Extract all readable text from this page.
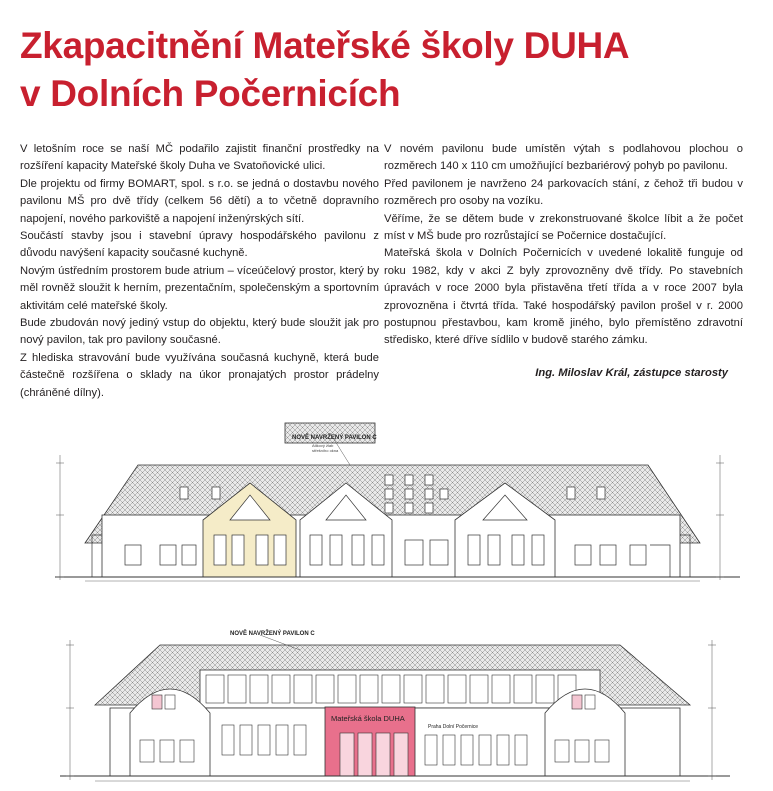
Zkapacitnění Mateřské školy DUHA
v Dolních Počernicích

V letošním roce se naší MČ podařilo zajistit finanční prostředky na rozšíření kapacity Mateřské školy Duha ve Svatoňovické ulici.

Dle projektu od firmy BOMART, spol. s r.o. se jedná o dostavbu nového pavilonu MŠ pro dvě třídy (celkem 56 dětí) a to včetně dopravního napojení, nového parkoviště a napojení inženýrských sítí.

Součástí stavby jsou i stavební úpravy hospodářského pavilonu z důvodu navýšení kapacity současné kuchyně.

Novým ústředním prostorem bude atrium – víceúčelový prostor, který by měl rovněž sloužit k herním, prezentačním, společenským a sportovním aktivitám celé mateřské školy.

Bude zbudován nový jediný vstup do objektu, který bude sloužit jak pro nový pavilon, tak pro pavilony současné.

Z hlediska stravování bude využívána současná kuchyně, která bude částečně rozšířena o sklady na úkor pronajatých prostor prádelny (chráněné dílny).

V novém pavilonu bude umístěn výtah s podlahovou plochou o rozměrech 140 x 110 cm umožňující bezbariérový pohyb po pavilonu.

Před pavilonem je navrženo 24 parkovacích stání, z čehož tři budou v rozměrech pro osoby na vozíku.

Věříme, že se dětem bude v zrekonstruované školce líbit a že počet míst v MŠ bude pro rozrůstající se Počernice dostačující.

Mateřská škola v Dolních Počernicích v uvedené lokalitě funguje od roku 1982, kdy v akci Z byly zprovozněny dvě třídy. Po stavebních úpravách v roce 2000 byla přistavěna třetí třída a v roce 2007 byla zprovozněna i čtvrtá třída. Také hospodářský pavilon prošel v r. 2000 postupnou přestavbou, kam kromě jiného, bylo přemístěno zdravotní středisko, které dříve sídlilo v budově starého zámku.

Ing. Miloslav Král, zástupce starosty
NOVĚ NAVRŽENÝ PAVILON C
Atikový žlab
střešního okna
Mateřská škola DUHA
Praha Dolní Počernice
NOVĚ NAVRŽENÝ PAVILON C
